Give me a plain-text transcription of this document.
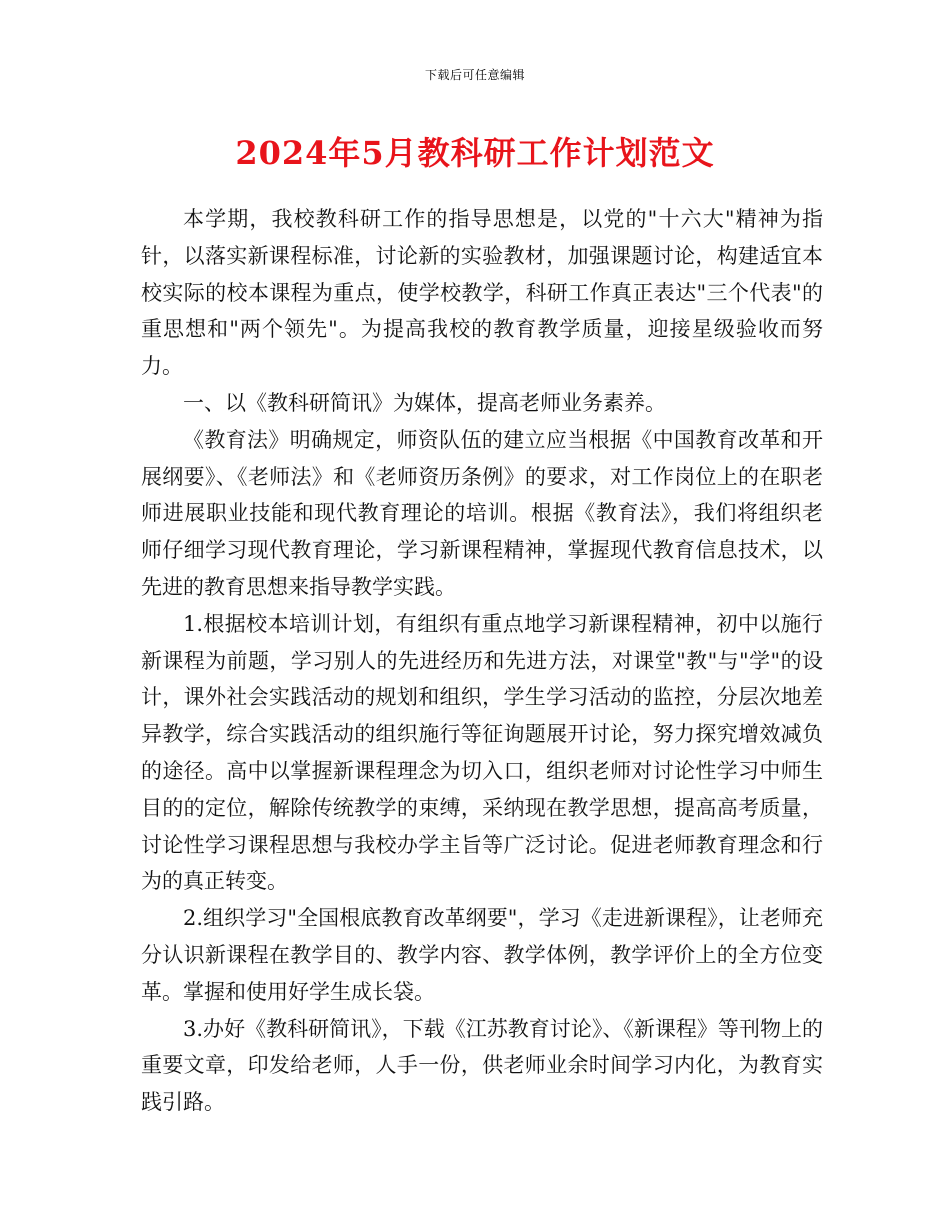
下载后可任意编辑
2024年5月教科研工作计划范文

本学期，我校教科研工作的指导思想是，以党的"十六大"精神为指针，以落实新课程标准，讨论新的实验教材，加强课题讨论，构建适宜本校实际的校本课程为重点，使学校教学，科研工作真正表达"三个代表"的重思想和"两个领先"。为提高我校的教育教学质量，迎接星级验收而努力。

一、以《教科研简讯》为媒体，提高老师业务素养。

《教育法》明确规定，师资队伍的建立应当根据《中国教育改革和开展纲要》、《老师法》和《老师资历条例》的要求，对工作岗位上的在职老师进展职业技能和现代教育理论的培训。根据《教育法》，我们将组织老师仔细学习现代教育理论，学习新课程精神，掌握现代教育信息技术，以先进的教育思想来指导教学实践。

1.根据校本培训计划，有组织有重点地学习新课程精神，初中以施行新课程为前题，学习别人的先进经历和先进方法，对课堂"教"与"学"的设计，课外社会实践活动的规划和组织，学生学习活动的监控，分层次地差异教学，综合实践活动的组织施行等征询题展开讨论，努力探究增效减负的途径。高中以掌握新课程理念为切入口，组织老师对讨论性学习中师生目的的定位，解除传统教学的束缚，采纳现在教学思想，提高高考质量，讨论性学习课程思想与我校办学主旨等广泛讨论。促进老师教育理念和行为的真正转变。

2.组织学习"全国根底教育改革纲要"，学习《走进新课程》，让老师充分认识新课程在教学目的、教学内容、教学体例，教学评价上的全方位变革。掌握和使用好学生成长袋。

3.办好《教科研简讯》，下载《江苏教育讨论》、《新课程》等刊物上的重要文章，印发给老师，人手一份，供老师业余时间学习内化，为教育实践引路。
